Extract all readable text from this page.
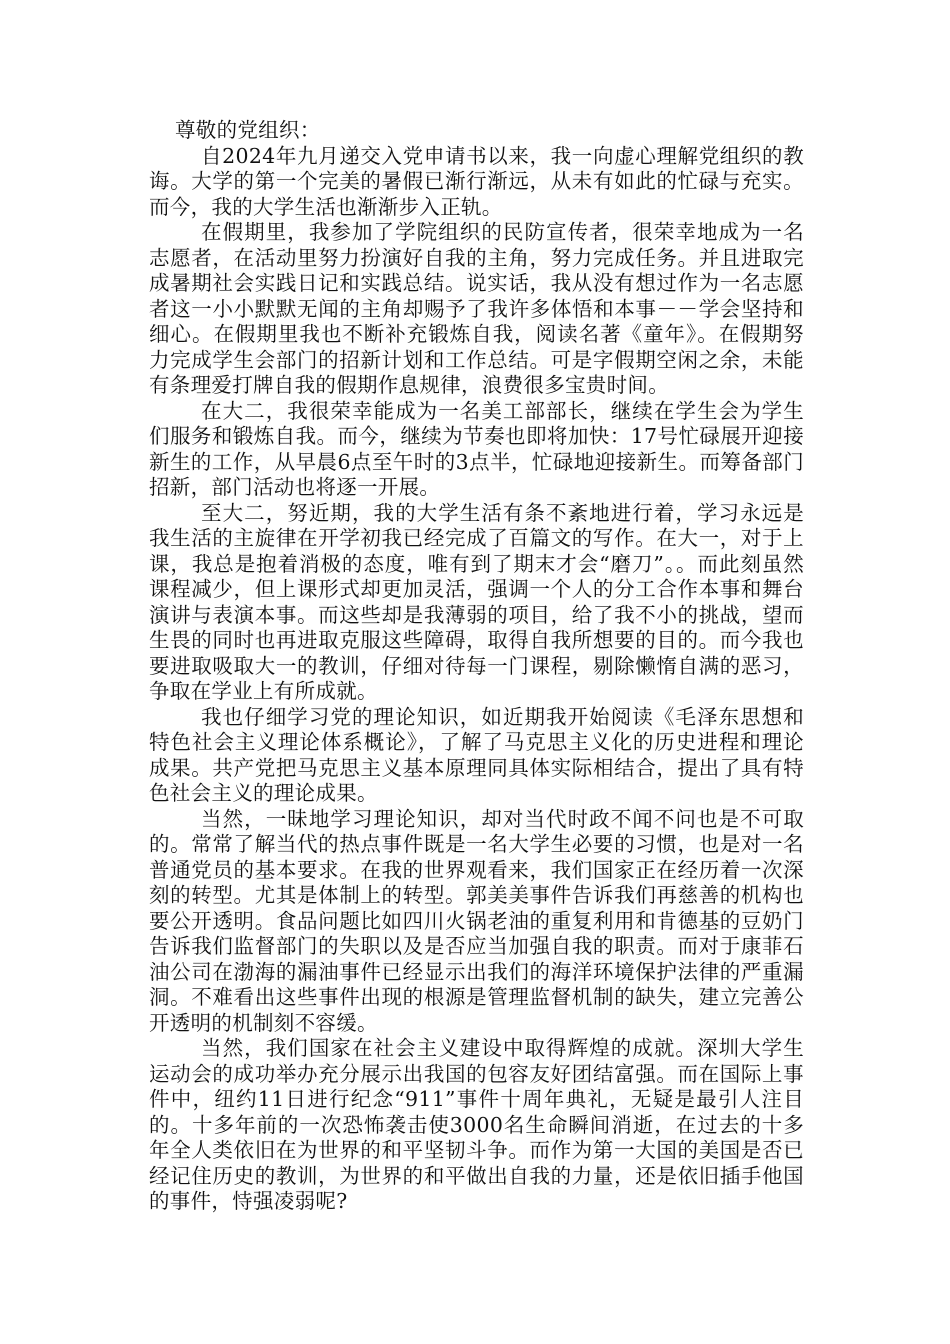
尊敬的党组织：

自2024年九月递交入党申请书以来，我一向虚心理解党组织的教诲。大学的第一个完美的暑假已渐行渐远，从未有如此的忙碌与充实。而今，我的大学生活也渐渐步入正轨。

在假期里，我参加了学院组织的民防宣传者，很荣幸地成为一名志愿者，在活动里努力扮演好自我的主角，努力完成任务。并且进取完成暑期社会实践日记和实践总结。说实话，我从没有想过作为一名志愿者这一小小默默无闻的主角却赐予了我许多体悟和本事－－学会坚持和细心。在假期里我也不断补充锻炼自我，阅读名著《童年》。在假期努力完成学生会部门的招新计划和工作总结。可是字假期空闲之余，未能有条理爱打牌自我的假期作息规律，浪费很多宝贵时间。

在大二，我很荣幸能成为一名美工部部长，继续在学生会为学生们服务和锻炼自我。而今，继续为节奏也即将加快：17号忙碌展开迎接新生的工作，从早晨6点至午时的3点半，忙碌地迎接新生。而筹备部门招新，部门活动也将逐一开展。

至大二，努近期，我的大学生活有条不紊地进行着，学习永远是我生活的主旋律在开学初我已经完成了百篇文的写作。在大一，对于上课，我总是抱着消极的态度，唯有到了期末才会“磨刀”。。而此刻虽然课程减少，但上课形式却更加灵活，强调一个人的分工合作本事和舞台演讲与表演本事。而这些却是我薄弱的项目，给了我不小的挑战，望而生畏的同时也再进取克服这些障碍，取得自我所想要的目的。而今我也要进取吸取大一的教训，仔细对待每一门课程，剔除懒惰自满的恶习，争取在学业上有所成就。

我也仔细学习党的理论知识，如近期我开始阅读《毛泽东思想和特色社会主义理论体系概论》，了解了马克思主义化的历史进程和理论成果。共产党把马克思主义基本原理同具体实际相结合，提出了具有特色社会主义的理论成果。

当然，一昧地学习理论知识，却对当代时政不闻不问也是不可取的。常常了解当代的热点事件既是一名大学生必要的习惯，也是对一名普通党员的基本要求。在我的世界观看来，我们国家正在经历着一次深刻的转型。尤其是体制上的转型。郭美美事件告诉我们再慈善的机构也要公开透明。食品问题比如四川火锅老油的重复利用和肯德基的豆奶门告诉我们监督部门的失职以及是否应当加强自我的职责。而对于康菲石油公司在渤海的漏油事件已经显示出我们的海洋环境保护法律的严重漏洞。不难看出这些事件出现的根源是管理监督机制的缺失，建立完善公开透明的机制刻不容缓。

当然，我们国家在社会主义建设中取得辉煌的成就。深圳大学生运动会的成功举办充分展示出我国的包容友好团结富强。而在国际上事件中，纽约11日进行纪念“911”事件十周年典礼，无疑是最引人注目的。十多年前的一次恐怖袭击使3000名生命瞬间消逝，在过去的十多年全人类依旧在为世界的和平坚韧斗争。而作为第一大国的美国是否已经记住历史的教训，为世界的和平做出自我的力量，还是依旧插手他国的事件，恃强凌弱呢?
